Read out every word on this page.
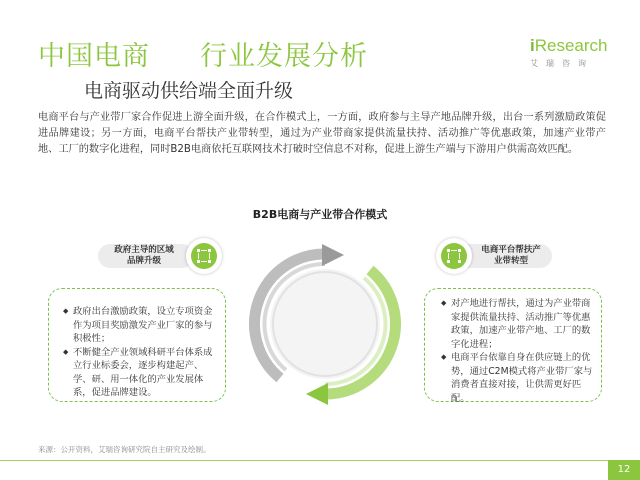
中国电商 行业发展分析
电商驱动供给端全面升级
iResearch
艾瑞咨询
电商平台与产业带厂家合作促进上游全面升级，在合作模式上，一方面，政府参与主导产地品牌升级，出台一系列激励政策促进品牌建设；另一方面，电商平台帮扶产业带转型，通过为产业带商家提供流量扶持、活动推广等优惠政策，加速产业带产地、工厂的数字化进程，同时B2B电商依托互联网技术打破时空信息不对称，促进上游生产端与下游用户供需高效匹配。
B2B电商与产业带合作模式
政府主导的区域
品牌升级
电商平台帮扶产
业带转型
◆ 政府出台激励政策，设立专项资金作为项目奖励激发产业厂家的参与积极性；
◆ 不断健全产业领域科研平台体系成立行业标委会，逐步构建起产、学、研、用一体化的产业发展体系，促进品牌建设。
◆ 对产地进行帮扶，通过为产业带商家提供流量扶持、活动推广等优惠政策，加速产业带产地、工厂的数字化进程；
◆ 电商平台依靠自身在供应链上的优势，通过C2M模式将产业带厂家与消费者直接对接，让供需更好匹配。
来源：公开资料，艾瑞咨询研究院自主研究及绘制。
12
